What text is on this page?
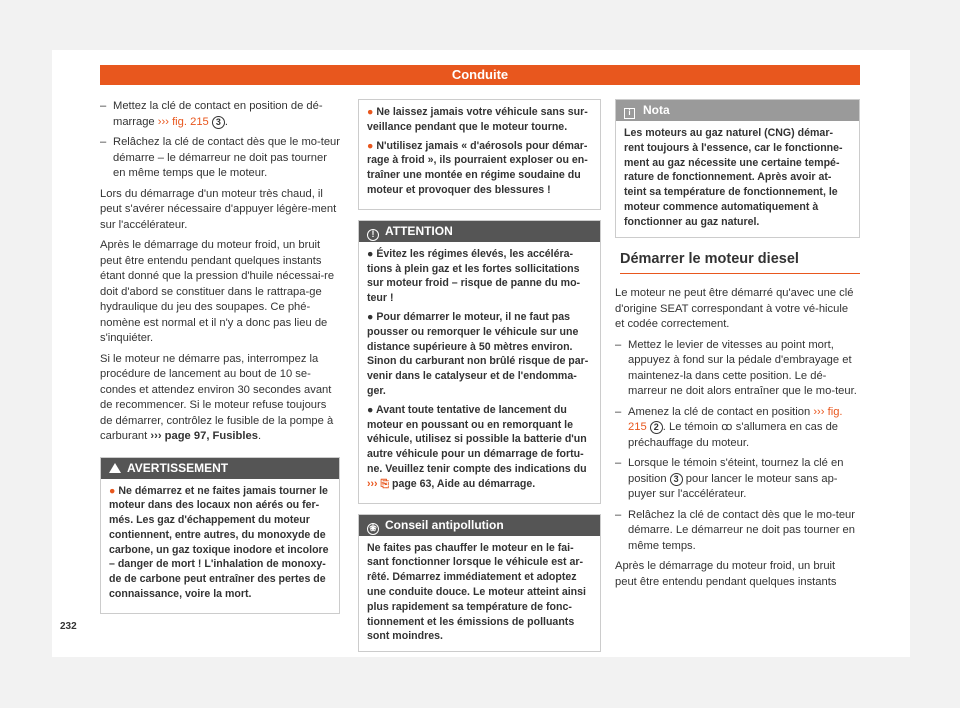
Conduite
– Mettez la clé de contact en position de dé-marrage ››› fig. 215 3 .
– Relâchez la clé de contact dès que le mo-teur démarre – le démarreur ne doit pas tourner en même temps que le moteur.
Lors du démarrage d'un moteur très chaud, il peut s'avérer nécessaire d'appuyer légère-ment sur l'accélérateur.
Après le démarrage du moteur froid, un bruit peut être entendu pendant quelques instants étant donné que la pression d'huile nécessai-re doit d'abord se constituer dans le rattrapa-ge hydraulique du jeu des soupapes. Ce phé-nomène est normal et il n'y a donc pas lieu de s'inquiéter.
Si le moteur ne démarre pas, interrompez la procédure de lancement au bout de 10 se-condes et attendez environ 30 secondes avant de recommencer. Si le moteur refuse toujours de démarrer, contrôlez le fusible de la pompe à carburant ››› page 97, Fusibles.
AVERTISSEMENT
● Ne démarrez et ne faites jamais tourner le moteur dans des locaux non aérés ou fer-més. Les gaz d'échappement du moteur contiennent, entre autres, du monoxyde de carbone, un gaz toxique inodore et incolore – danger de mort ! L'inhalation de monoxy-de de carbone peut entraîner des pertes de connaissance, voire la mort.
● Ne laissez jamais votre véhicule sans sur-veillance pendant que le moteur tourne.
● N'utilisez jamais « d'aérosols pour démar-rage à froid », ils pourraient exploser ou en-traîner une montée en régime soudaine du moteur et provoquer des blessures !
! ATTENTION
● Évitez les régimes élevés, les accéléra-tions à plein gaz et les fortes sollicitations sur moteur froid – risque de panne du mo-teur !
● Pour démarrer le moteur, il ne faut pas pousser ou remorquer le véhicule sur une distance supérieure à 50 mètres environ. Sinon du carburant non brûlé risque de par-venir dans le catalyseur et de l'endomma-ger.
● Avant toute tentative de lancement du moteur en poussant ou en remorquant le véhicule, utilisez si possible la batterie d'un autre véhicule pour un démarrage de fortu-ne. Veuillez tenir compte des indications du ››› ⎘ page 63, Aide au démarrage.
❀ Conseil antipollution
Ne faites pas chauffer le moteur en le fai-sant fonctionner lorsque le véhicule est ar-rêté. Démarrez immédiatement et adoptez une conduite douce. Le moteur atteint ainsi plus rapidement sa température de fonc-tionnement et les émissions de polluants sont moindres.
i Nota
Les moteurs au gaz naturel (CNG) démar-rent toujours à l'essence, car le fonctionne-ment au gaz nécessite une certaine tempé-rature de fonctionnement. Après avoir at-teint sa température de fonctionnement, le moteur commence automatiquement à fonctionner au gaz naturel.
Démarrer le moteur diesel
Le moteur ne peut être démarré qu'avec une clé d'origine SEAT correspondant à votre vé-hicule et codée correctement.
– Mettez le levier de vitesses au point mort, appuyez à fond sur la pédale d'embrayage et maintenez-la dans cette position. Le dé-marreur ne doit alors entraîner que le mo-teur.
– Amenez la clé de contact en position ››› fig. 215 2 . Le témoin ꝏ s'allumera en cas de préchauffage du moteur.
– Lorsque le témoin s'éteint, tournez la clé en position 3 pour lancer le moteur sans ap-puyer sur l'accélérateur.
– Relâchez la clé de contact dès que le mo-teur démarre. Le démarreur ne doit pas tourner en même temps.
Après le démarrage du moteur froid, un bruit peut être entendu pendant quelques instants
232
